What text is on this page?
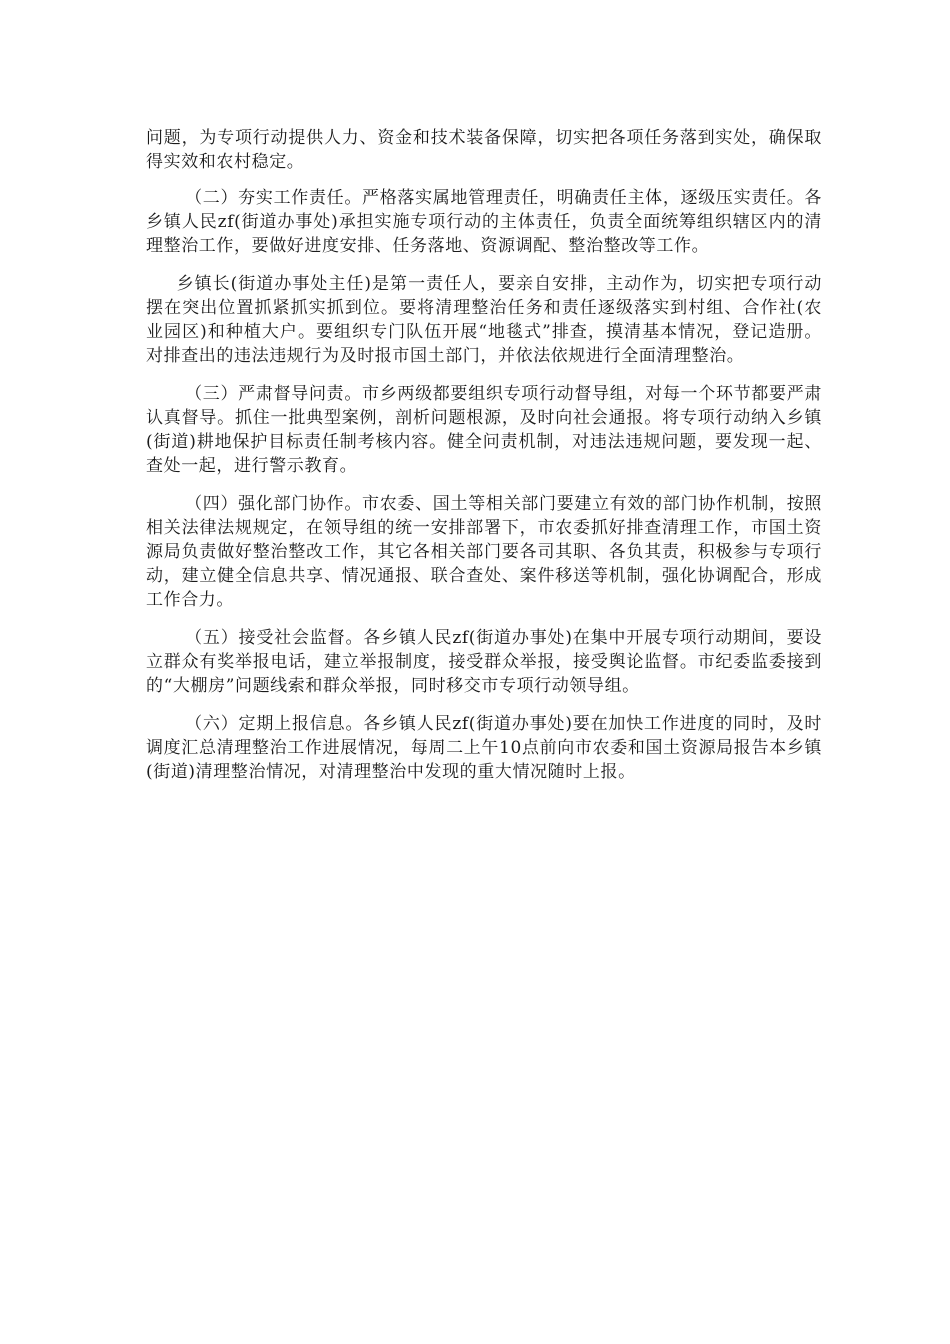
问题，为专项行动提供人力、资金和技术装备保障，切实把各项任务落到实处，确保取得实效和农村稳定。

（二）夯实工作责任。严格落实属地管理责任，明确责任主体，逐级压实责任。各乡镇人民zf(街道办事处)承担实施专项行动的主体责任，负责全面统筹组织辖区内的清理整治工作，要做好进度安排、任务落地、资源调配、整治整改等工作。

乡镇长(街道办事处主任)是第一责任人，要亲自安排，主动作为，切实把专项行动摆在突出位置抓紧抓实抓到位。要将清理整治任务和责任逐级落实到村组、合作社(农业园区)和种植大户。要组织专门队伍开展“地毯式”排查，摸清基本情况，登记造册。对排查出的违法违规行为及时报市国土部门，并依法依规进行全面清理整治。

（三）严肃督导问责。市乡两级都要组织专项行动督导组，对每一个环节都要严肃认真督导。抓住一批典型案例，剖析问题根源，及时向社会通报。将专项行动纳入乡镇(街道)耕地保护目标责任制考核内容。健全问责机制，对违法违规问题，要发现一起、查处一起，进行警示教育。

（四）强化部门协作。市农委、国土等相关部门要建立有效的部门协作机制，按照相关法律法规规定，在领导组的统一安排部署下，市农委抓好排查清理工作，市国土资源局负责做好整治整改工作，其它各相关部门要各司其职、各负其责，积极参与专项行动，建立健全信息共享、情况通报、联合查处、案件移送等机制，强化协调配合，形成工作合力。

（五）接受社会监督。各乡镇人民zf(街道办事处)在集中开展专项行动期间，要设立群众有奖举报电话，建立举报制度，接受群众举报，接受舆论监督。市纪委监委接到的“大棚房”问题线索和群众举报，同时移交市专项行动领导组。

（六）定期上报信息。各乡镇人民zf(街道办事处)要在加快工作进度的同时，及时调度汇总清理整治工作进展情况，每周二上午10点前向市农委和国土资源局报告本乡镇(街道)清理整治情况，对清理整治中发现的重大情况随时上报。
